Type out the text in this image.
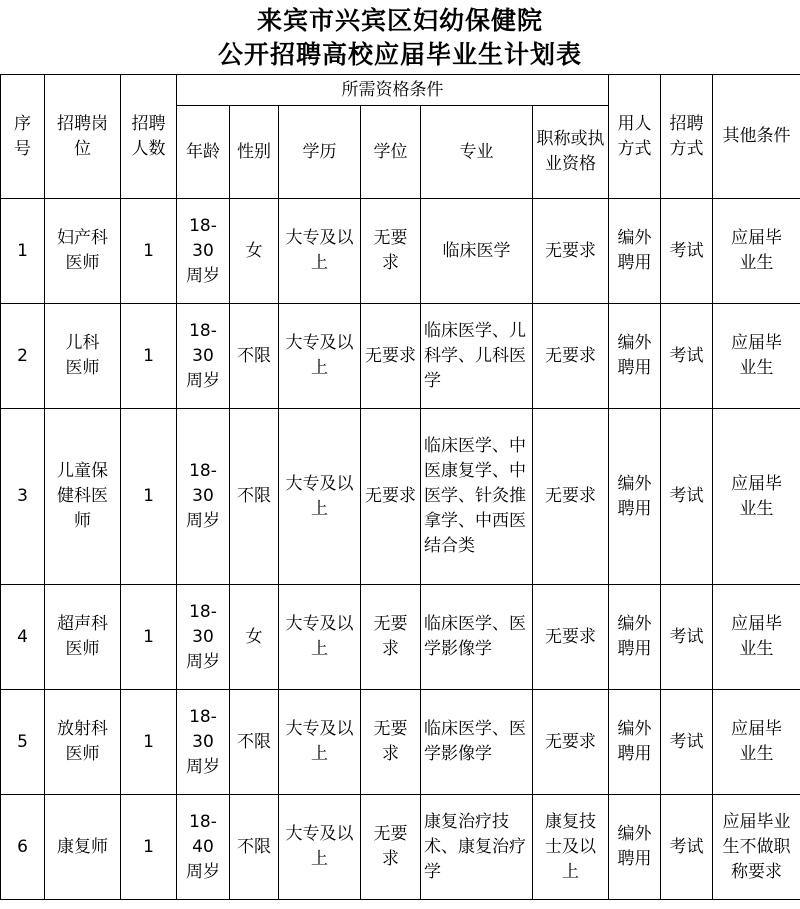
来宾市兴宾区妇幼保健院
公开招聘高校应届毕业生计划表
序号	招聘岗位	招聘人数	所需资格条件						用人方式	招聘方式	其他条件
			年龄	性别	学历	学位	专业	职称或执业资格			
1	妇产科医师	1	18-30周岁	女	大专及以上	无要求	临床医学	无要求	编外聘用	考试	应届毕业生
2	儿科医师	1	18-30周岁	不限	大专及以上	无要求	临床医学、儿科学、儿科医学	无要求	编外聘用	考试	应届毕业生
3	儿童保健科医师	1	18-30周岁	不限	大专及以上	无要求	临床医学、中医康复学、中医学、针灸推拿学、中西医结合类	无要求	编外聘用	考试	应届毕业生
4	超声科医师	1	18-30周岁	女	大专及以上	无要求	临床医学、医学影像学	无要求	编外聘用	考试	应届毕业生
5	放射科医师	1	18-30周岁	不限	大专及以上	无要求	临床医学、医学影像学	无要求	编外聘用	考试	应届毕业生
6	康复师	1	18-40周岁	不限	大专及以上	无要求	康复治疗技术、康复治疗学	康复技士及以上	编外聘用	考试	应届毕业生不做职称要求
